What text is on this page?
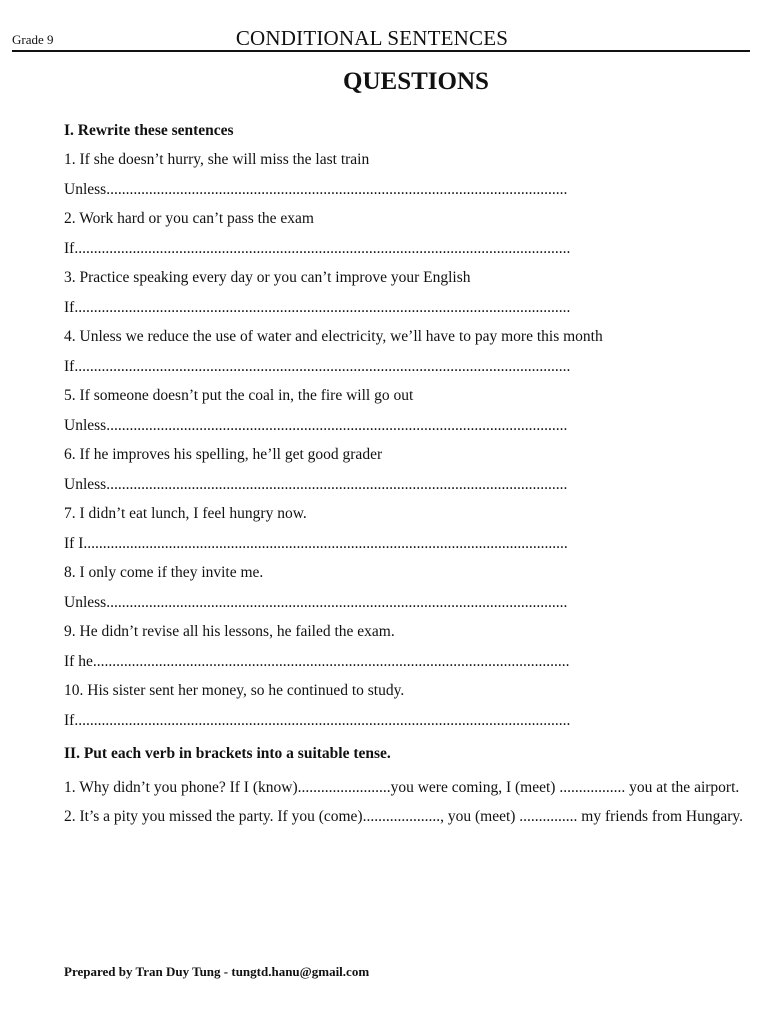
Grade 9	CONDITIONAL SENTENCES
QUESTIONS
I. Rewrite these sentences
1. If she doesn’t hurry, she will miss the last train
Unless.......................................................................................................................
2. Work hard or you can’t pass the exam
If................................................................................................................................
3. Practice speaking every day or you can’t improve your English
If................................................................................................................................
4. Unless we reduce the use of water and electricity, we’ll have to pay more this month
If................................................................................................................................
5. If someone doesn’t put the coal in, the fire will go out
Unless.......................................................................................................................
6. If he improves his spelling, he’ll get good grader
Unless.......................................................................................................................
7. I didn’t eat lunch, I feel hungry now.
If I.............................................................................................................................
8. I only come if they invite me.
Unless.......................................................................................................................
9. He didn’t revise all his lessons, he failed the exam.
If he...........................................................................................................................
10. His sister sent her money, so he continued to study.
If................................................................................................................................
II. Put each verb in brackets into a suitable tense.
1. Why didn’t you phone? If I (know)........................you were coming, I (meet) ................. you at the airport.
2. It’s a pity you missed the party. If you (come)...................., you (meet) ............... my friends from Hungary.
Prepared by Tran Duy Tung - tungtd.hanu@gmail.com
